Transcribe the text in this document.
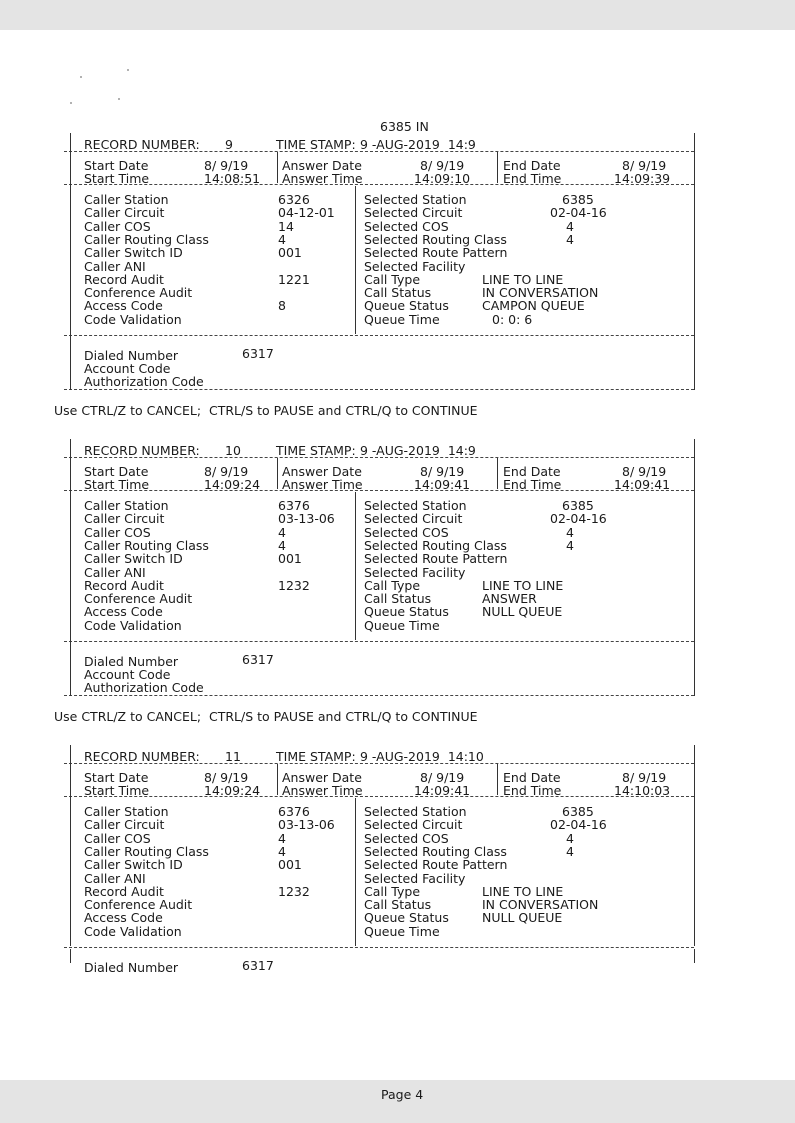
6385 IN
RECORD NUMBER: 9	TIME STAMP: 9 -AUG-2019  14:9
Start Date	8/ 9/19
Start Time	14:08:51
Answer Date	8/ 9/19
Answer Time	14:09:10
End Date	8/ 9/19
End Time	14:09:39
Caller Station	6326
Caller Circuit	04-12-01
Caller COS	14
Caller Routing Class	4
Caller Switch ID	001
Caller ANI
Record Audit	1221
Conference Audit
Access Code	8
Code Validation
Selected Station	6385
Selected Circuit	02-04-16
Selected COS	4
Selected Routing Class	4
Selected Route Pattern
Selected Facility
Call Type	LINE TO LINE
Call Status	IN CONVERSATION
Queue Status	CAMPON QUEUE
Queue Time	0: 0: 6
Dialed Number	6317
Account Code
Authorization Code
Use CTRL/Z to CANCEL;  CTRL/S to PAUSE and CTRL/Q to CONTINUE
RECORD NUMBER: 10	TIME STAMP: 9 -AUG-2019  14:9
Start Date	8/ 9/19
Start Time	14:09:24
Answer Date	8/ 9/19
Answer Time	14:09:41
End Date	8/ 9/19
End Time	14:09:41
Caller Station	6376
Caller Circuit	03-13-06
Caller COS	4
Caller Routing Class	4
Caller Switch ID	001
Caller ANI
Record Audit	1232
Conference Audit
Access Code
Code Validation
Selected Station	6385
Selected Circuit	02-04-16
Selected COS	4
Selected Routing Class	4
Selected Route Pattern
Selected Facility
Call Type	LINE TO LINE
Call Status	ANSWER
Queue Status	NULL QUEUE
Queue Time
Dialed Number	6317
Account Code
Authorization Code
Use CTRL/Z to CANCEL;  CTRL/S to PAUSE and CTRL/Q to CONTINUE
RECORD NUMBER: 11	TIME STAMP: 9 -AUG-2019  14:10
Start Date	8/ 9/19
Start Time	14:09:24
Answer Date	8/ 9/19
Answer Time	14:09:41
End Date	8/ 9/19
End Time	14:10:03
Caller Station	6376
Caller Circuit	03-13-06
Caller COS	4
Caller Routing Class	4
Caller Switch ID	001
Caller ANI
Record Audit	1232
Conference Audit
Access Code
Code Validation
Selected Station	6385
Selected Circuit	02-04-16
Selected COS	4
Selected Routing Class	4
Selected Route Pattern
Selected Facility
Call Type	LINE TO LINE
Call Status	IN CONVERSATION
Queue Status	NULL QUEUE
Queue Time
Dialed Number	6317
Page 4
